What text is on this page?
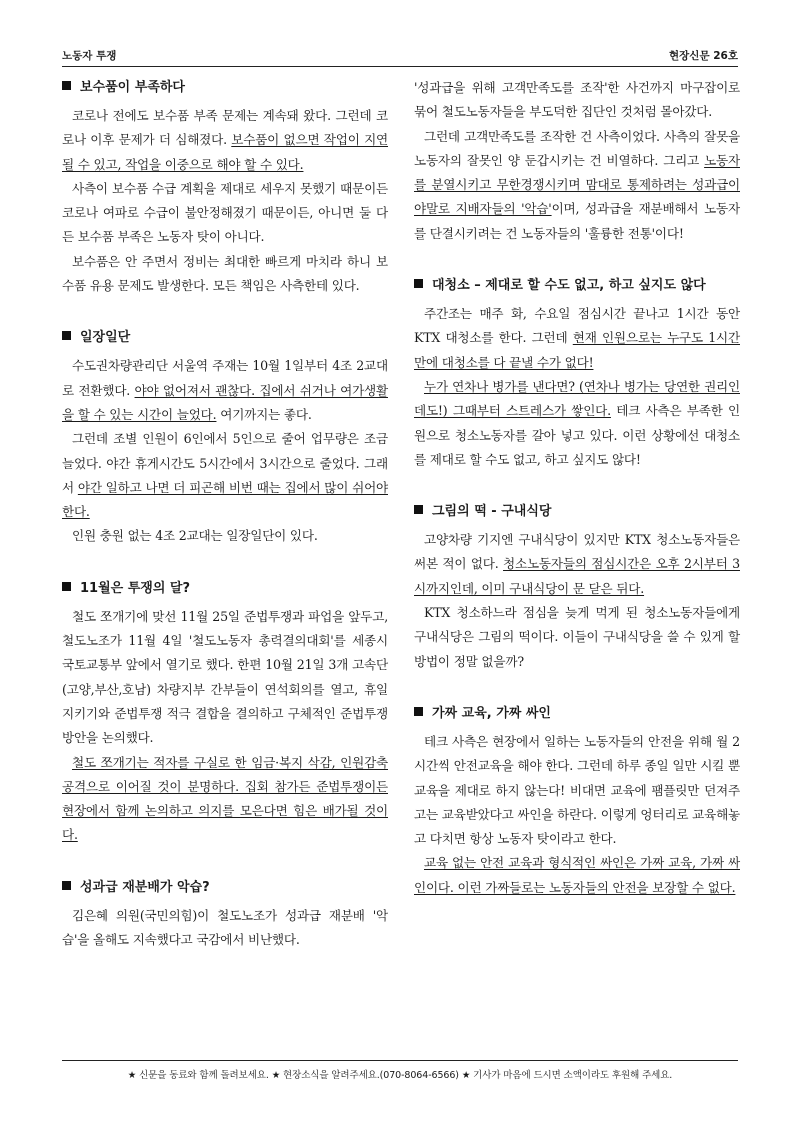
노동자 투쟁	현장신문 26호
보수품이 부족하다

코로나 전에도 보수품 부족 문제는 계속돼 왔다. 그런데 코로나 이후 문제가 더 심해졌다. 보수품이 없으면 작업이 지연될 수 있고, 작업을 이중으로 해야 할 수 있다.

사측이 보수품 수급 계획을 제대로 세우지 못했기 때문이든 코로나 여파로 수급이 불안정해졌기 때문이든, 아니면 둘 다든 보수품 부족은 노동자 탓이 아니다.

보수품은 안 주면서 정비는 최대한 빠르게 마치라 하니 보수품 유용 문제도 발생한다. 모든 책임은 사측한테 있다.

일장일단

수도권차량관리단 서울역 주재는 10월 1일부터 4조 2교대로 전환했다. 야야 없어져서 괜찮다. 집에서 쉬거나 여가생활을 할 수 있는 시간이 늘었다. 여기까지는 좋다.

그런데 조별 인원이 6인에서 5인으로 줄어 업무량은 조금 늘었다. 야간 휴게시간도 5시간에서 3시간으로 줄었다. 그래서 야간 일하고 나면 더 피곤해 비번 때는 집에서 많이 쉬어야 한다.

인원 충원 없는 4조 2교대는 일장일단이 있다.

11월은 투쟁의 달?

철도 쪼개기에 맞선 11월 25일 준법투쟁과 파업을 앞두고, 철도노조가 11월 4일 '철도노동자 총력결의대회'를 세종시 국토교통부 앞에서 열기로 했다. 한편 10월 21일 3개 고속단(고양,부산,호남) 차량지부 간부들이 연석회의를 열고, 휴일지키기와 준법투쟁 적극 결합을 결의하고 구체적인 준법투쟁 방안을 논의했다.

철도 쪼개기는 적자를 구실로 한 임금·복지 삭감, 인원감축 공격으로 이어질 것이 분명하다. 집회 참가든 준법투쟁이든 현장에서 함께 논의하고 의지를 모은다면 힘은 배가될 것이다.

성과급 재분배가 악습?

김은혜 의원(국민의힘)이 철도노조가 성과급 재분배 '악습'을 올해도 지속했다고 국감에서 비난했다.

'성과급을 위해 고객만족도를 조작'한 사건까지 마구잡이로 묶어 철도노동자들을 부도덕한 집단인 것처럼 몰아갔다.

그런데 고객만족도를 조작한 건 사측이었다. 사측의 잘못을 노동자의 잘못인 양 둔갑시키는 건 비열하다. 그리고 노동자를 분열시키고 무한경쟁시키며 맘대로 통제하려는 성과급이야말로 지배자들의 '악습'이며, 성과급을 재분배해서 노동자를 단결시키려는 건 노동자들의 '훌륭한 전통'이다!

대청소 – 제대로 할 수도 없고, 하고 싶지도 않다

주간조는 매주 화, 수요일 점심시간 끝나고 1시간 동안 KTX 대청소를 한다. 그런데 현재 인원으로는 누구도 1시간 만에 대청소를 다 끝낼 수가 없다!

누가 연차나 병가를 낸다면? (연차나 병가는 당연한 권리인데도!) 그때부터 스트레스가 쌓인다. 테크 사측은 부족한 인원으로 청소노동자를 갈아 넣고 있다. 이런 상황에선 대청소를 제대로 할 수도 없고, 하고 싶지도 않다!

그림의 떡 - 구내식당

고양차량 기지엔 구내식당이 있지만 KTX 청소노동자들은 써본 적이 없다. 청소노동자들의 점심시간은 오후 2시부터 3시까지인데, 이미 구내식당이 문 닫은 뒤다.

KTX 청소하느라 점심을 늦게 먹게 된 청소노동자들에게 구내식당은 그림의 떡이다. 이들이 구내식당을 쓸 수 있게 할 방법이 정말 없을까?

가짜 교육, 가짜 싸인

테크 사측은 현장에서 일하는 노동자들의 안전을 위해 월 2시간씩 안전교육을 해야 한다. 그런데 하루 종일 일만 시킬 뿐 교육을 제대로 하지 않는다! 비대면 교육에 팸플릿만 던져주고는 교육받았다고 싸인을 하란다. 이렇게 엉터리로 교육해놓고 다치면 항상 노동자 탓이라고 한다.

교육 없는 안전 교육과 형식적인 싸인은 가짜 교육, 가짜 싸인이다. 이런 가짜들로는 노동자들의 안전을 보장할 수 없다.

★ 신문을 동료와 함께 돌려보세요. ★ 현장소식을 알려주세요.(070-8064-6566) ★ 기사가 마음에 드시면 소액이라도 후원해 주세요.
